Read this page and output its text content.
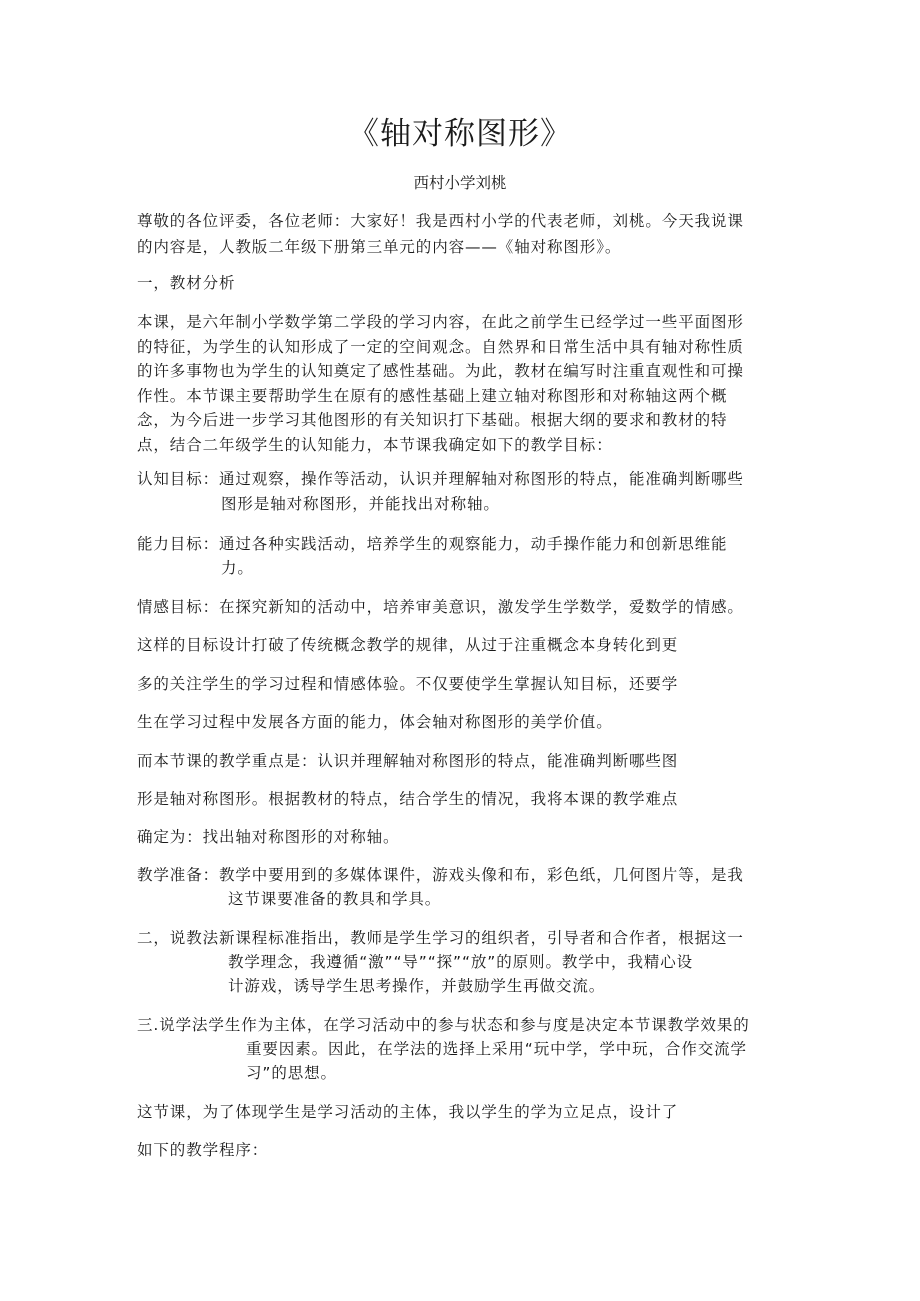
《轴对称图形》
西村小学刘桃
尊敬的各位评委，各位老师：大家好！我是西村小学的代表老师，刘桃。今天我说课
的内容是，人教版二年级下册第三单元的内容——《轴对称图形》。
一，教材分析
本课，是六年制小学数学第二学段的学习内容，在此之前学生已经学过一些平面图形
的特征，为学生的认知形成了一定的空间观念。自然界和日常生活中具有轴对称性质
的许多事物也为学生的认知奠定了感性基础。为此，教材在编写时注重直观性和可操
作性。本节课主要帮助学生在原有的感性基础上建立轴对称图形和对称轴这两个概
念，为今后进一步学习其他图形的有关知识打下基础。根据大纲的要求和教材的特
点，结合二年级学生的认知能力，本节课我确定如下的教学目标：
认知目标：通过观察，操作等活动，认识并理解轴对称图形的特点，能准确判断哪些
图形是轴对称图形，并能找出对称轴。
能力目标：通过各种实践活动，培养学生的观察能力，动手操作能力和创新思维能
力。
情感目标：在探究新知的活动中，培养审美意识，激发学生学数学，爱数学的情感。
这样的目标设计打破了传统概念教学的规律，从过于注重概念本身转化到更
多的关注学生的学习过程和情感体验。不仅要使学生掌握认知目标，还要学
生在学习过程中发展各方面的能力，体会轴对称图形的美学价值。
而本节课的教学重点是：认识并理解轴对称图形的特点，能准确判断哪些图
形是轴对称图形。根据教材的特点，结合学生的情况，我将本课的教学难点
确定为：找出轴对称图形的对称轴。
教学准备：教学中要用到的多媒体课件，游戏头像和布，彩色纸，几何图片等，是我
这节课要准备的教具和学具。
二，说教法新课程标准指出，教师是学生学习的组织者，引导者和合作者，根据这一
教学理念，我遵循“激”“导”“探”“放”的原则。教学中，我精心设
计游戏，诱导学生思考操作，并鼓励学生再做交流。
三.说学法学生作为主体，在学习活动中的参与状态和参与度是决定本节课教学效果的
重要因素。因此，在学法的选择上采用“玩中学，学中玩，合作交流学
习”的思想。
这节课，为了体现学生是学习活动的主体，我以学生的学为立足点，设计了
如下的教学程序：
